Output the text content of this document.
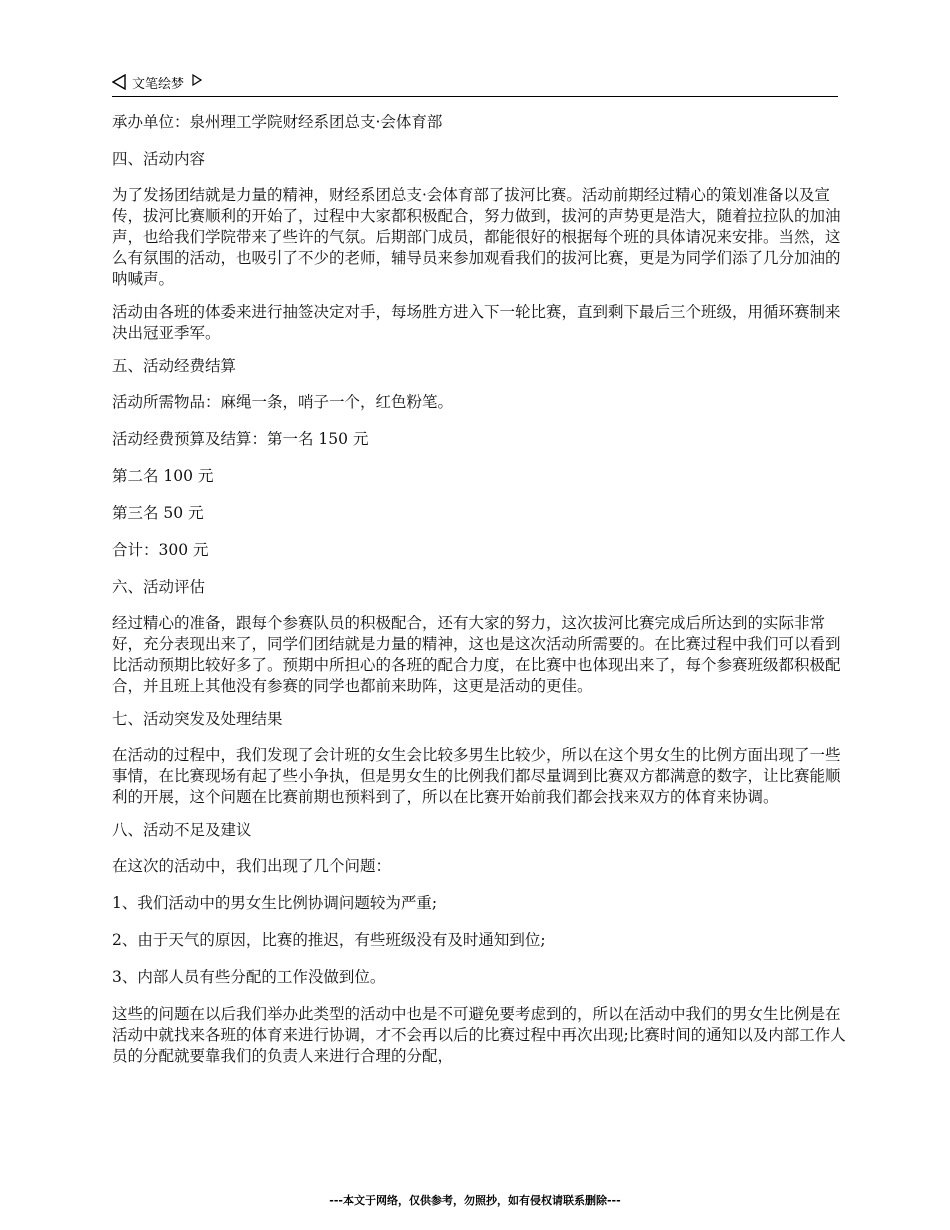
文笔绘梦

承办单位：泉州理工学院财经系团总支·会体育部

四、活动内容

为了发扬团结就是力量的精神，财经系团总支·会体育部了拔河比赛。活动前期经过精心的策划准备以及宣传，拔河比赛顺利的开始了，过程中大家都积极配合，努力做到，拔河的声势更是浩大，随着拉拉队的加油声，也给我们学院带来了些许的气氛。后期部门成员，都能很好的根据每个班的具体请况来安排。当然，这么有氛围的活动，也吸引了不少的老师，辅导员来参加观看我们的拔河比赛，更是为同学们添了几分加油的呐喊声。

活动由各班的体委来进行抽签决定对手，每场胜方进入下一轮比赛，直到剩下最后三个班级，用循环赛制来决出冠亚季军。

五、活动经费结算

活动所需物品：麻绳一条，哨子一个，红色粉笔。

活动经费预算及结算：第一名 150 元

第二名 100 元

第三名 50 元

合计：300 元

六、活动评估

经过精心的准备，跟每个参赛队员的积极配合，还有大家的努力，这次拔河比赛完成后所达到的实际非常好，充分表现出来了，同学们团结就是力量的精神，这也是这次活动所需要的。在比赛过程中我们可以看到比活动预期比较好多了。预期中所担心的各班的配合力度，在比赛中也体现出来了，每个参赛班级都积极配合，并且班上其他没有参赛的同学也都前来助阵，这更是活动的更佳。

七、活动突发及处理结果

在活动的过程中，我们发现了会计班的女生会比较多男生比较少，所以在这个男女生的比例方面出现了一些事情，在比赛现场有起了些小争执，但是男女生的比例我们都尽量调到比赛双方都满意的数字，让比赛能顺利的开展，这个问题在比赛前期也预料到了，所以在比赛开始前我们都会找来双方的体育来协调。

八、活动不足及建议

在这次的活动中，我们出现了几个问题：

1、我们活动中的男女生比例协调问题较为严重;

2、由于天气的原因，比赛的推迟，有些班级没有及时通知到位;

3、内部人员有些分配的工作没做到位。

这些的问题在以后我们举办此类型的活动中也是不可避免要考虑到的，所以在活动中我们的男女生比例是在活动中就找来各班的体育来进行协调，才不会再以后的比赛过程中再次出现;比赛时间的通知以及内部工作人员的分配就要靠我们的负责人来进行合理的分配，

---本文于网络，仅供参考，勿照抄，如有侵权请联系删除---
